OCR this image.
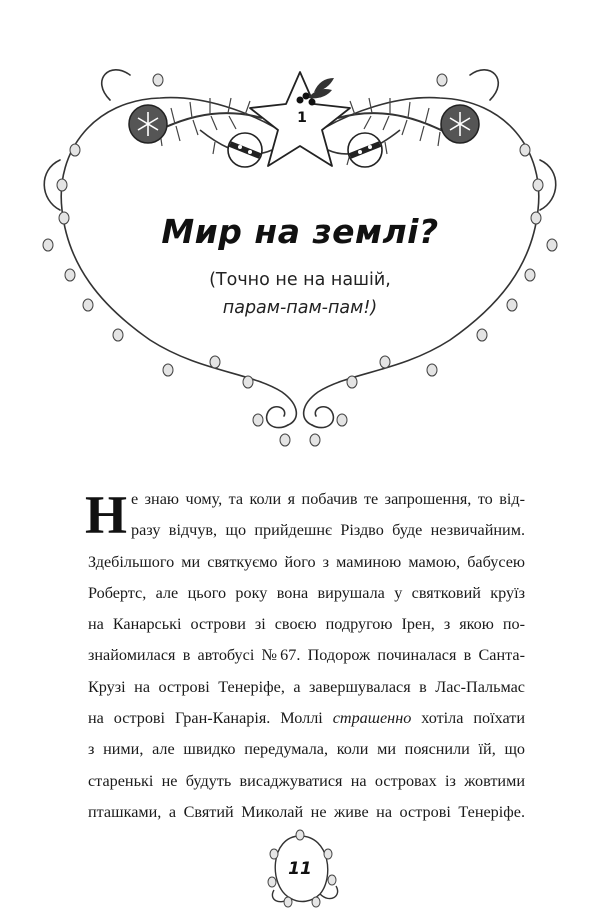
1
Мир на землі?
(Точно не на нашій,
парам-пам-пам!)
Н е знаю чому, та коли я побачив те запрошення, то від-
разу відчув, що прийдешнє Різдво буде незвичайним.
Здебільшого ми святкуємо його з маминою мамою, бабусею
Робертс, але цього року вона вирушала у святковий круїз
на Канарські острови зі своєю подругою Ірен, з якою по-
знайомилася в автобусі №67. Подорож починалася в Санта-
Крузі на острові Тенеріфе, а завершувалася в Лас-Пальмас
на острові Гран-Канарія. Моллі страшенно хотіла поїхати
з ними, але швидко передумала, коли ми пояснили їй, що
старенькі не будуть висаджуватися на островах із жовтими
пташками, а Святий Миколай не живе на острові Тенеріфе.
11
